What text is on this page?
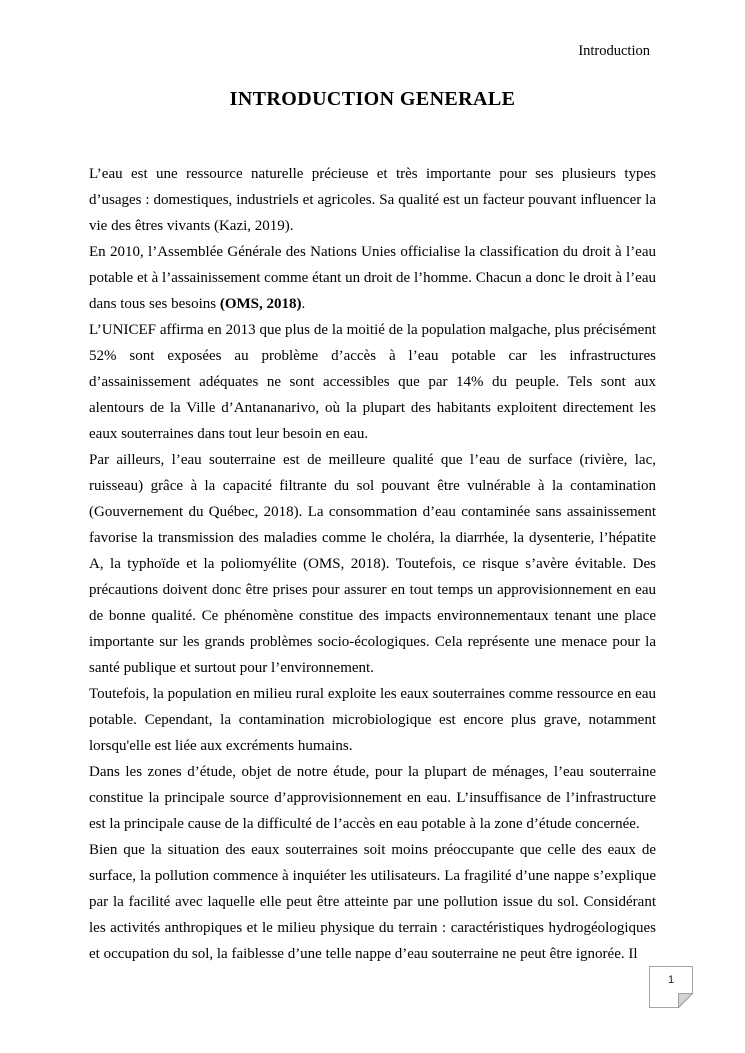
Introduction
INTRODUCTION GENERALE

L’eau est une ressource naturelle précieuse et très importante pour ses plusieurs types d’usages : domestiques, industriels et agricoles. Sa qualité est un facteur pouvant influencer la vie des êtres vivants (Kazi, 2019).

En 2010, l’Assemblée Générale des Nations Unies officialise la classification du droit à l’eau potable et à l’assainissement comme étant un droit de l’homme. Chacun a donc le droit à l’eau dans tous ses besoins (OMS, 2018).

L’UNICEF affirma en 2013 que plus de la moitié de la population malgache, plus précisément 52% sont exposées au problème d’accès à l’eau potable car les infrastructures d’assainissement adéquates ne sont accessibles que par 14% du peuple. Tels sont aux alentours de la Ville d’Antananarivo, où la plupart des habitants exploitent directement les eaux souterraines dans tout leur besoin en eau.

Par ailleurs, l’eau souterraine est de meilleure qualité que l’eau de surface (rivière, lac, ruisseau) grâce à la capacité filtrante du sol pouvant être vulnérable à la contamination (Gouvernement du Québec, 2018). La consommation d’eau contaminée sans assainissement favorise la transmission des maladies comme le choléra, la diarrhée, la dysenterie, l’hépatite A, la typhoïde et la poliomyélite (OMS, 2018). Toutefois, ce risque s’avère évitable. Des précautions doivent donc être prises pour assurer en tout temps un approvisionnement en eau de bonne qualité. Ce phénomène constitue des impacts environnementaux tenant une place importante sur les grands problèmes socio-écologiques. Cela représente une menace pour la santé publique et surtout pour l’environnement.

Toutefois, la population en milieu rural exploite les eaux souterraines comme ressource en eau potable. Cependant, la contamination microbiologique est encore plus grave, notamment lorsqu'elle est liée aux excréments humains.

Dans les zones d’étude, objet de notre étude, pour la plupart de ménages, l’eau souterraine constitue la principale source d’approvisionnement en eau. L’insuffisance de l’infrastructure est la principale cause de la difficulté de l’accès en eau potable à la zone d’étude concernée.

Bien que la situation des eaux souterraines soit moins préoccupante que celle des eaux de surface, la pollution commence à inquiéter les utilisateurs. La fragilité d’une nappe s’explique par la facilité avec laquelle elle peut être atteinte par une pollution issue du sol. Considérant les activités anthropiques et le milieu physique du terrain : caractéristiques hydrogéologiques et occupation du sol, la faiblesse d’une telle nappe d’eau souterraine ne peut être ignorée. Il

1
